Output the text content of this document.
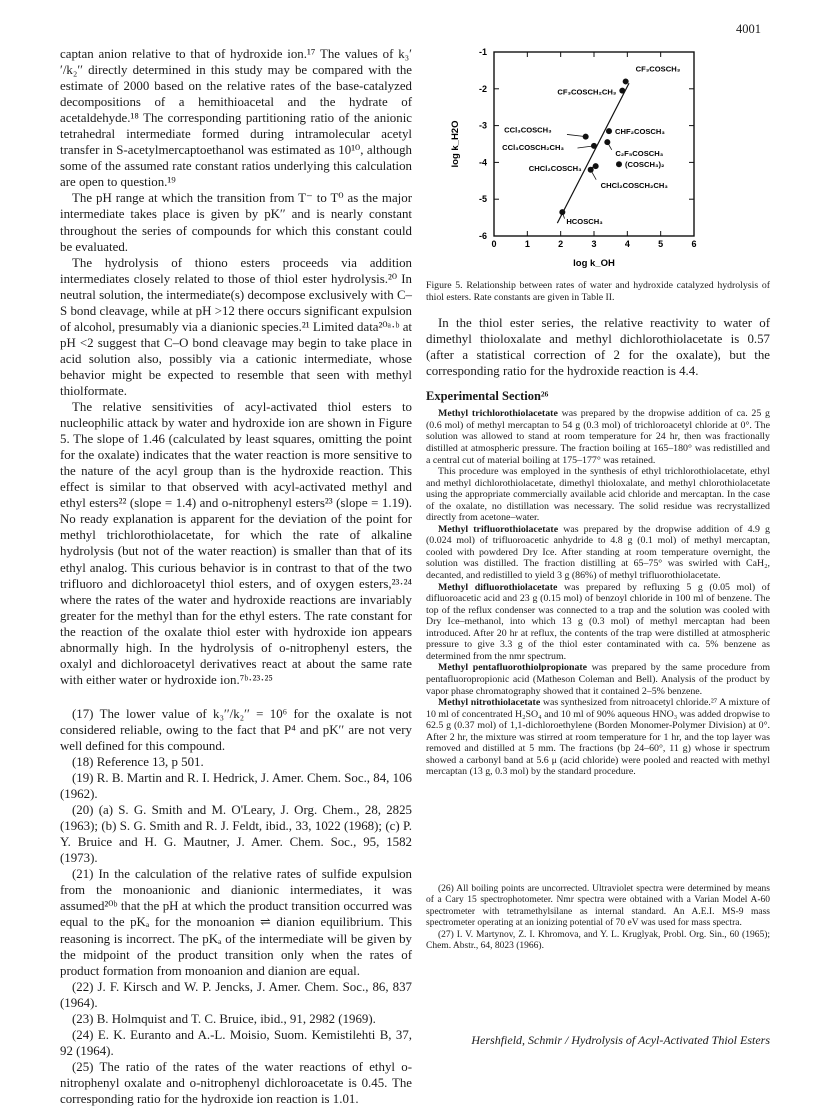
4001

captan anion relative to that of hydroxide ion.¹⁷ The values of k₃′′/k₂′′ directly determined in this study may be compared with the estimate of 2000 based on the relative rates of the base-catalyzed decompositions of a hemithioacetal and the hydrate of acetaldehyde.¹⁸ The corresponding partitioning ratio of the anionic tetrahedral intermediate formed during intramolecular acetyl transfer in S-acetylmercaptoethanol was estimated as 10¹⁰, although some of the assumed rate constant ratios underlying this calculation are open to question.¹⁹

The pH range at which the transition from T⁻ to T⁰ as the major intermediate takes place is given by pK′′ and is nearly constant throughout the series of compounds for which this constant could be evaluated.

The hydrolysis of thiono esters proceeds via addition intermediates closely related to those of thiol ester hydrolysis.²⁰ In neutral solution, the intermediate(s) decompose exclusively with C–S bond cleavage, while at pH >12 there occurs significant expulsion of alcohol, presumably via a dianionic species.²¹ Limited data²⁰ᵃ·ᵇ at pH <2 suggest that C–O bond cleavage may begin to take place in acid solution also, possibly via a cationic intermediate, whose behavior might be expected to resemble that seen with methyl thiolformate.

The relative sensitivities of acyl-activated thiol esters to nucleophilic attack by water and hydroxide ion are shown in Figure 5. The slope of 1.46 (calculated by least squares, omitting the point for the oxalate) indicates that the water reaction is more sensitive to the nature of the acyl group than is the hydroxide reaction. This effect is similar to that observed with acyl-activated methyl and ethyl esters²² (slope = 1.4) and o-nitrophenyl esters²³ (slope = 1.19). No ready explanation is apparent for the deviation of the point for methyl trichlorothiolacetate, for which the rate of alkaline hydrolysis (but not of the water reaction) is smaller than that of its ethyl analog. This curious behavior is in contrast to that of the two trifluoro and dichloroacetyl thiol esters, and of oxygen esters,²³·²⁴ where the rates of the water and hydroxide reactions are invariably greater for the methyl than for the ethyl esters. The rate constant for the reaction of the oxalate thiol ester with hydroxide ion appears abnormally high. In the hydrolysis of o-nitrophenyl esters, the oxalyl and dichloroacetyl derivatives react at about the same rate with either water or hydroxide ion.⁷ᵇ·²³·²⁵

(17) The lower value of k₃′′/k₂′′ = 10⁶ for the oxalate is not considered reliable, owing to the fact that P⁴ and pK′′ are not very well defined for this compound.

(18) Reference 13, p 501.

(19) R. B. Martin and R. I. Hedrick, J. Amer. Chem. Soc., 84, 106 (1962).

(20) (a) S. G. Smith and M. O'Leary, J. Org. Chem., 28, 2825 (1963); (b) S. G. Smith and R. J. Feldt, ibid., 33, 1022 (1968); (c) P. Y. Bruice and H. G. Mautner, J. Amer. Chem. Soc., 95, 1582 (1973).

(21) In the calculation of the relative rates of sulfide expulsion from the monoanionic and dianionic intermediates, it was assumed²⁰ᵇ that the pH at which the product transition occurred was equal to the pKₐ for the monoanion ⇌ dianion equilibrium. This reasoning is incorrect. The pKₐ of the intermediate will be given by the midpoint of the product transition only when the rates of product formation from monoanion and dianion are equal.

(22) J. F. Kirsch and W. P. Jencks, J. Amer. Chem. Soc., 86, 837 (1964).

(23) B. Holmquist and T. C. Bruice, ibid., 91, 2982 (1969).

(24) E. K. Euranto and A.-L. Moisio, Suom. Kemistilehti B, 37, 92 (1964).

(25) The ratio of the rates of the water reactions of ethyl o-nitrophenyl oxalate and o-nitrophenyl dichloroacetate is 0.45. The corresponding ratio for the hydroxide ion reaction is 1.01.

0	1	2	3	4	5	6
-1
-2
-3
-4
-5
-6
log k_OH
log k_H2O
CF₃COSCH₃
CF₃COSCH₂CH₃
CCl₃COSCH₃	CHF₂COSCH₃
CCl₃COSCH₂CH₃
C₂F₅COSCH₃
CHCl₂COSCH₃	(COSCH₃)₂
CHCl₂COSCH₂CH₃
HCOSCH₃

Figure 5. Relationship between rates of water and hydroxide catalyzed hydrolysis of thiol esters. Rate constants are given in Table II.

In the thiol ester series, the relative reactivity to water of dimethyl thioloxalate and methyl dichlorothiolacetate is 0.57 (after a statistical correction of 2 for the oxalate), but the corresponding ratio for the hydroxide reaction is 4.4.

Experimental Section²⁶

Methyl trichlorothiolacetate was prepared by the dropwise addition of ca. 25 g (0.6 mol) of methyl mercaptan to 54 g (0.3 mol) of trichloroacetyl chloride at 0°. The solution was allowed to stand at room temperature for 24 hr, then was fractionally distilled at atmospheric pressure. The fraction boiling at 165–180° was redistilled and a central cut of material boiling at 175–177° was retained.

This procedure was employed in the synthesis of ethyl trichlorothiolacetate, ethyl and methyl dichlorothiolacetate, dimethyl thioloxalate, and methyl chlorothiolacetate using the appropriate commercially available acid chloride and mercaptan. In the case of the oxalate, no distillation was necessary. The solid residue was recrystallized directly from acetone–water.

Methyl trifluorothiolacetate was prepared by the dropwise addition of 4.9 g (0.024 mol) of trifluoroacetic anhydride to 4.8 g (0.1 mol) of methyl mercaptan, cooled with powdered Dry Ice. After standing at room temperature overnight, the solution was distilled. The fraction distilling at 65–75° was swirled with CaH₂, decanted, and redistilled to yield 3 g (86%) of methyl trifluorothiolacetate.

Methyl difluorothiolacetate was prepared by refluxing 5 g (0.05 mol) of difluoroacetic acid and 23 g (0.15 mol) of benzoyl chloride in 100 ml of benzene. The top of the reflux condenser was connected to a trap and the solution was cooled with Dry Ice–methanol, into which 13 g (0.3 mol) of methyl mercaptan had been introduced. After 20 hr at reflux, the contents of the trap were distilled at atmospheric pressure to give 3.3 g of the thiol ester contaminated with ca. 5% benzene as determined from the nmr spectrum.

Methyl pentafluorothiolpropionate was prepared by the same procedure from pentafluoropropionic acid (Matheson Coleman and Bell). Analysis of the product by vapor phase chromatography showed that it contained 2–5% benzene.

Methyl nitrothiolacetate was synthesized from nitroacetyl chloride.²⁷ A mixture of 10 ml of concentrated H₂SO₄ and 10 ml of 90% aqueous HNO₃ was added dropwise to 62.5 g (0.37 mol) of 1,1-dichloroethylene (Borden Monomer-Polymer Division) at 0°. After 2 hr, the mixture was stirred at room temperature for 1 hr, and the top layer was removed and distilled at 5 mm. The fractions (bp 24–60°, 11 g) whose ir spectrum showed a carbonyl band at 5.6 μ (acid chloride) were pooled and reacted with methyl mercaptan (13 g, 0.3 mol) by the standard procedure.

(26) All boiling points are uncorrected. Ultraviolet spectra were determined by means of a Cary 15 spectrophotometer. Nmr spectra were obtained with a Varian Model A-60 spectrometer with tetramethylsilane as internal standard. An A.E.I. MS-9 mass spectrometer operating at an ionizing potential of 70 eV was used for mass spectra.

(27) I. V. Martynov, Z. I. Khromova, and Y. L. Kruglyak, Probl. Org. Sin., 60 (1965); Chem. Abstr., 64, 8023 (1966).

Hershfield, Schmir / Hydrolysis of Acyl-Activated Thiol Esters
